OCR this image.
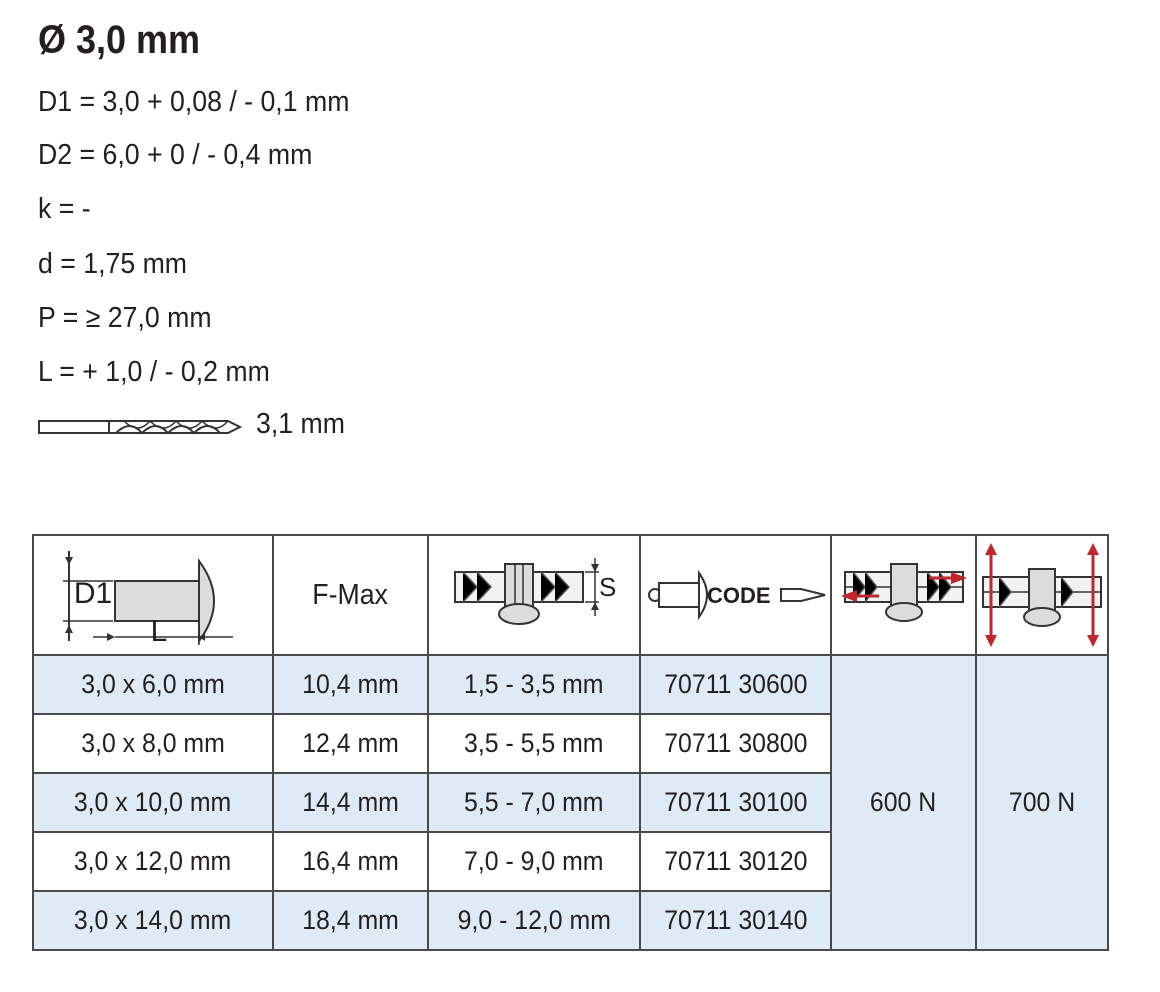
Ø 3,0 mm
D1 = 3,0 + 0,08 / - 0,1 mm
D2 = 6,0 + 0 / - 0,4 mm
k = -
d = 1,75 mm
P = ≥ 27,0 mm
L = + 1,0 / - 0,2 mm
3,1 mm
D1
L	F-Max	S	CODE

3,0 x 6,0 mm	10,4 mm	1,5 - 3,5 mm	70711 30600	600 N	700 N
3,0 x 8,0 mm	12,4 mm	3,5 - 5,5 mm	70711 30800		
3,0 x 10,0 mm	14,4 mm	5,5 - 7,0 mm	70711 30100		
3,0 x 12,0 mm	16,4 mm	7,0 - 9,0 mm	70711 30120		
3,0 x 14,0 mm	18,4 mm	9,0 - 12,0 mm	70711 30140		
